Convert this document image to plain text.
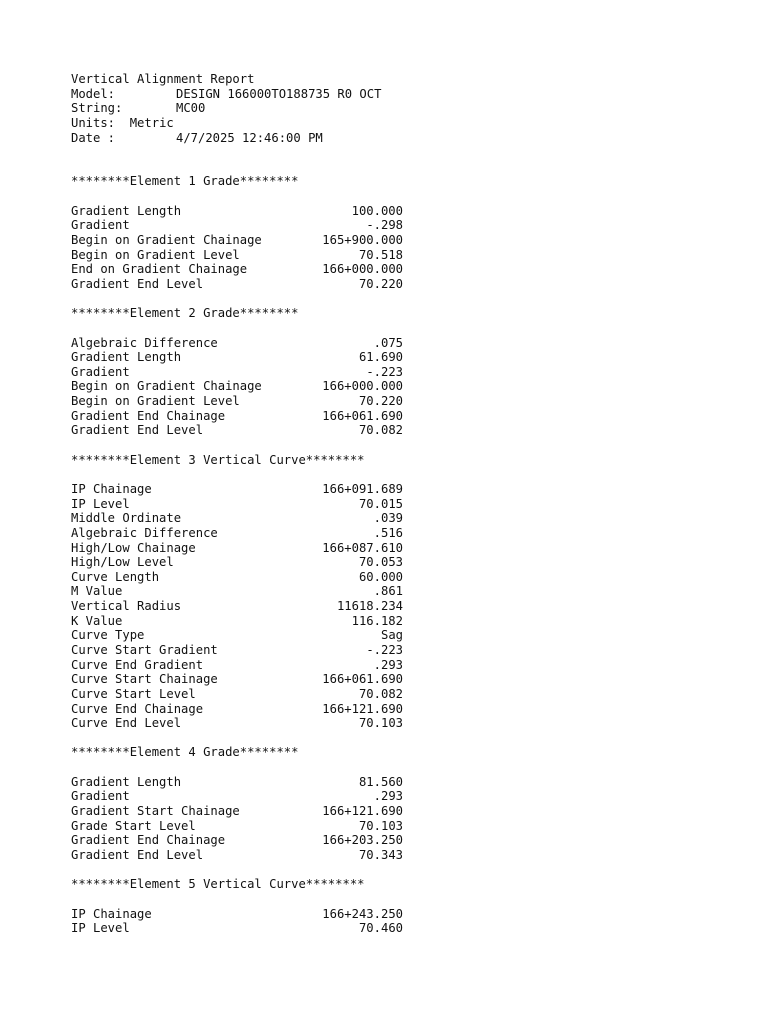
Vertical Alignment Report
Model:	DESIGN 166000TO188735 R0 OCT
String:	MC00
Units:
Metric
Date :	4/7/2025 12:46:00 PM
********Element 1 Grade********
Gradient Length	100.000
Gradient	-.298
Begin on Gradient Chainage	165+900.000
Begin on Gradient Level	70.518
End on Gradient Chainage	166+000.000
Gradient End Level	70.220
********Element 2 Grade********
Algebraic Difference	.075
Gradient Length	61.690
Gradient	-.223
Begin on Gradient Chainage	166+000.000
Begin on Gradient Level	70.220
Gradient End Chainage	166+061.690
Gradient End Level	70.082
********Element 3 Vertical Curve********
IP Chainage	166+091.689
IP Level	70.015
Middle Ordinate	.039
Algebraic Difference	.516
High/Low Chainage	166+087.610
High/Low Level	70.053
Curve Length	60.000
M Value	.861
Vertical Radius	11618.234
K Value	116.182
Curve Type	Sag
Curve Start Gradient	-.223
Curve End Gradient	.293
Curve Start Chainage	166+061.690
Curve Start Level	70.082
Curve End Chainage	166+121.690
Curve End Level	70.103
********Element 4 Grade********
Gradient Length	81.560
Gradient	.293
Gradient Start Chainage	166+121.690
Grade Start Level	70.103
Gradient End Chainage	166+203.250
Gradient End Level	70.343
********Element 5 Vertical Curve********
IP Chainage	166+243.250
IP Level	70.460
